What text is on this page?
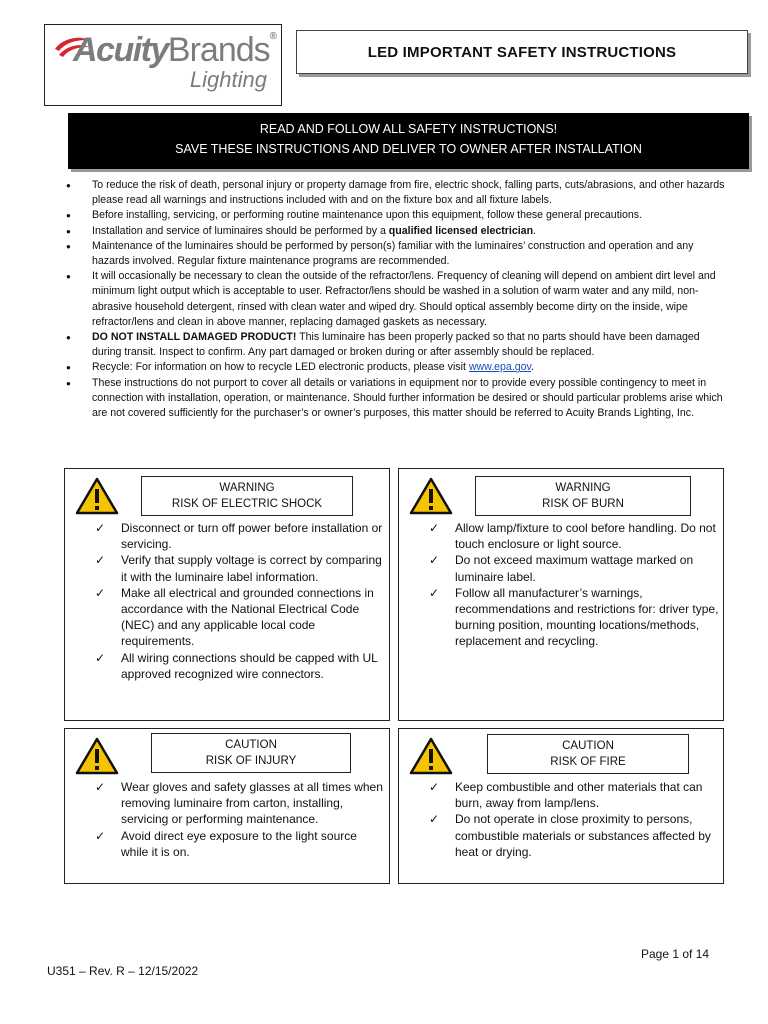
AcuityBrands®
Lighting
LED IMPORTANT SAFETY INSTRUCTIONS
READ AND FOLLOW ALL SAFETY INSTRUCTIONS!
SAVE THESE INSTRUCTIONS AND DELIVER TO OWNER AFTER INSTALLATION
● To reduce the risk of death, personal injury or property damage from fire, electric shock, falling parts, cuts/abrasions, and other hazards please read all warnings and instructions included with and on the fixture box and all fixture labels.
● Before installing, servicing, or performing routine maintenance upon this equipment, follow these general precautions.
● Installation and service of luminaires should be performed by a qualified licensed electrician.
● Maintenance of the luminaires should be performed by person(s) familiar with the luminaires’ construction and operation and any hazards involved. Regular fixture maintenance programs are recommended.
● It will occasionally be necessary to clean the outside of the refractor/lens. Frequency of cleaning will depend on ambient dirt level and minimum light output which is acceptable to user. Refractor/lens should be washed in a solution of warm water and any mild, non-abrasive household detergent, rinsed with clean water and wiped dry. Should optical assembly become dirty on the inside, wipe refractor/lens and clean in above manner, replacing damaged gaskets as necessary.
● DO NOT INSTALL DAMAGED PRODUCT! This luminaire has been properly packed so that no parts should have been damaged during transit. Inspect to confirm. Any part damaged or broken during or after assembly should be replaced.
● Recycle: For information on how to recycle LED electronic products, please visit www.epa.gov.
● These instructions do not purport to cover all details or variations in equipment nor to provide every possible contingency to meet in connection with installation, operation, or maintenance. Should further information be desired or should particular problems arise which are not covered sufficiently for the purchaser’s or owner’s purposes, this matter should be referred to Acuity Brands Lighting, Inc.
WARNING
RISK OF ELECTRIC SHOCK
✓ Disconnect or turn off power before installation or servicing.
✓ Verify that supply voltage is correct by comparing it with the luminaire label information.
✓ Make all electrical and grounded connections in accordance with the National Electrical Code (NEC) and any applicable local code requirements.
✓ All wiring connections should be capped with UL approved recognized wire connectors.
WARNING
RISK OF BURN
✓ Allow lamp/fixture to cool before handling. Do not touch enclosure or light source.
✓ Do not exceed maximum wattage marked on luminaire label.
✓ Follow all manufacturer’s warnings, recommendations and restrictions for: driver type, burning position, mounting locations/methods, replacement and recycling.
CAUTION
RISK OF INJURY
✓ Wear gloves and safety glasses at all times when removing luminaire from carton, installing, servicing or performing maintenance.
✓ Avoid direct eye exposure to the light source while it is on.
CAUTION
RISK OF FIRE
✓ Keep combustible and other materials that can burn, away from lamp/lens.
✓ Do not operate in close proximity to persons, combustible materials or substances affected by heat or drying.
Page 1 of 14
U351 – Rev. R – 12/15/2022
